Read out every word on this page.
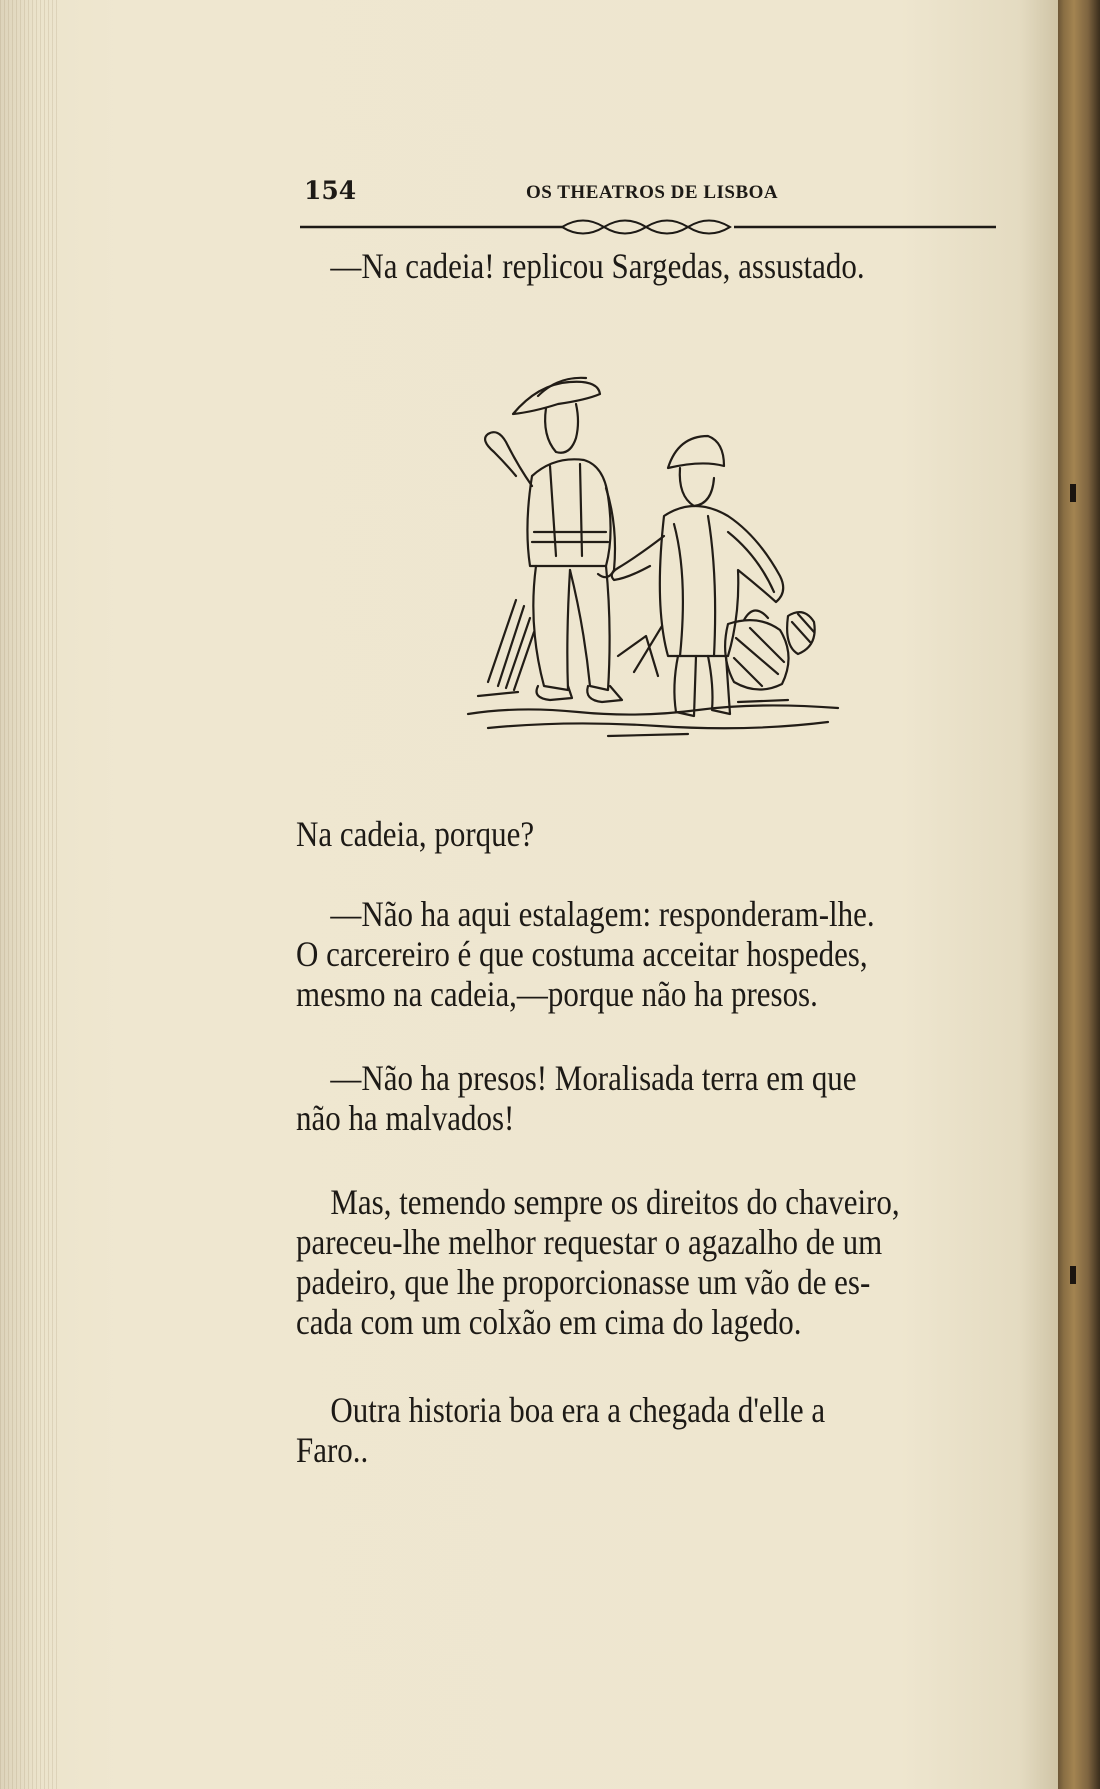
154	OS THEATROS DE LISBOA
—Na cadeia! replicou Sargedas, assustado.
Na cadeia, porque?
—Não ha aqui estalagem: responderam-lhe.
O carcereiro é que costuma acceitar hospedes,
mesmo na cadeia,—porque não ha presos.
—Não ha presos! Moralisada terra em que
não ha malvados!
Mas, temendo sempre os direitos do chaveiro,
pareceu-lhe melhor requestar o agazalho de um
padeiro, que lhe proporcionasse um vão de es-
cada com um colxão em cima do lagedo.
Outra historia boa era a chegada d'elle a
Faro..
